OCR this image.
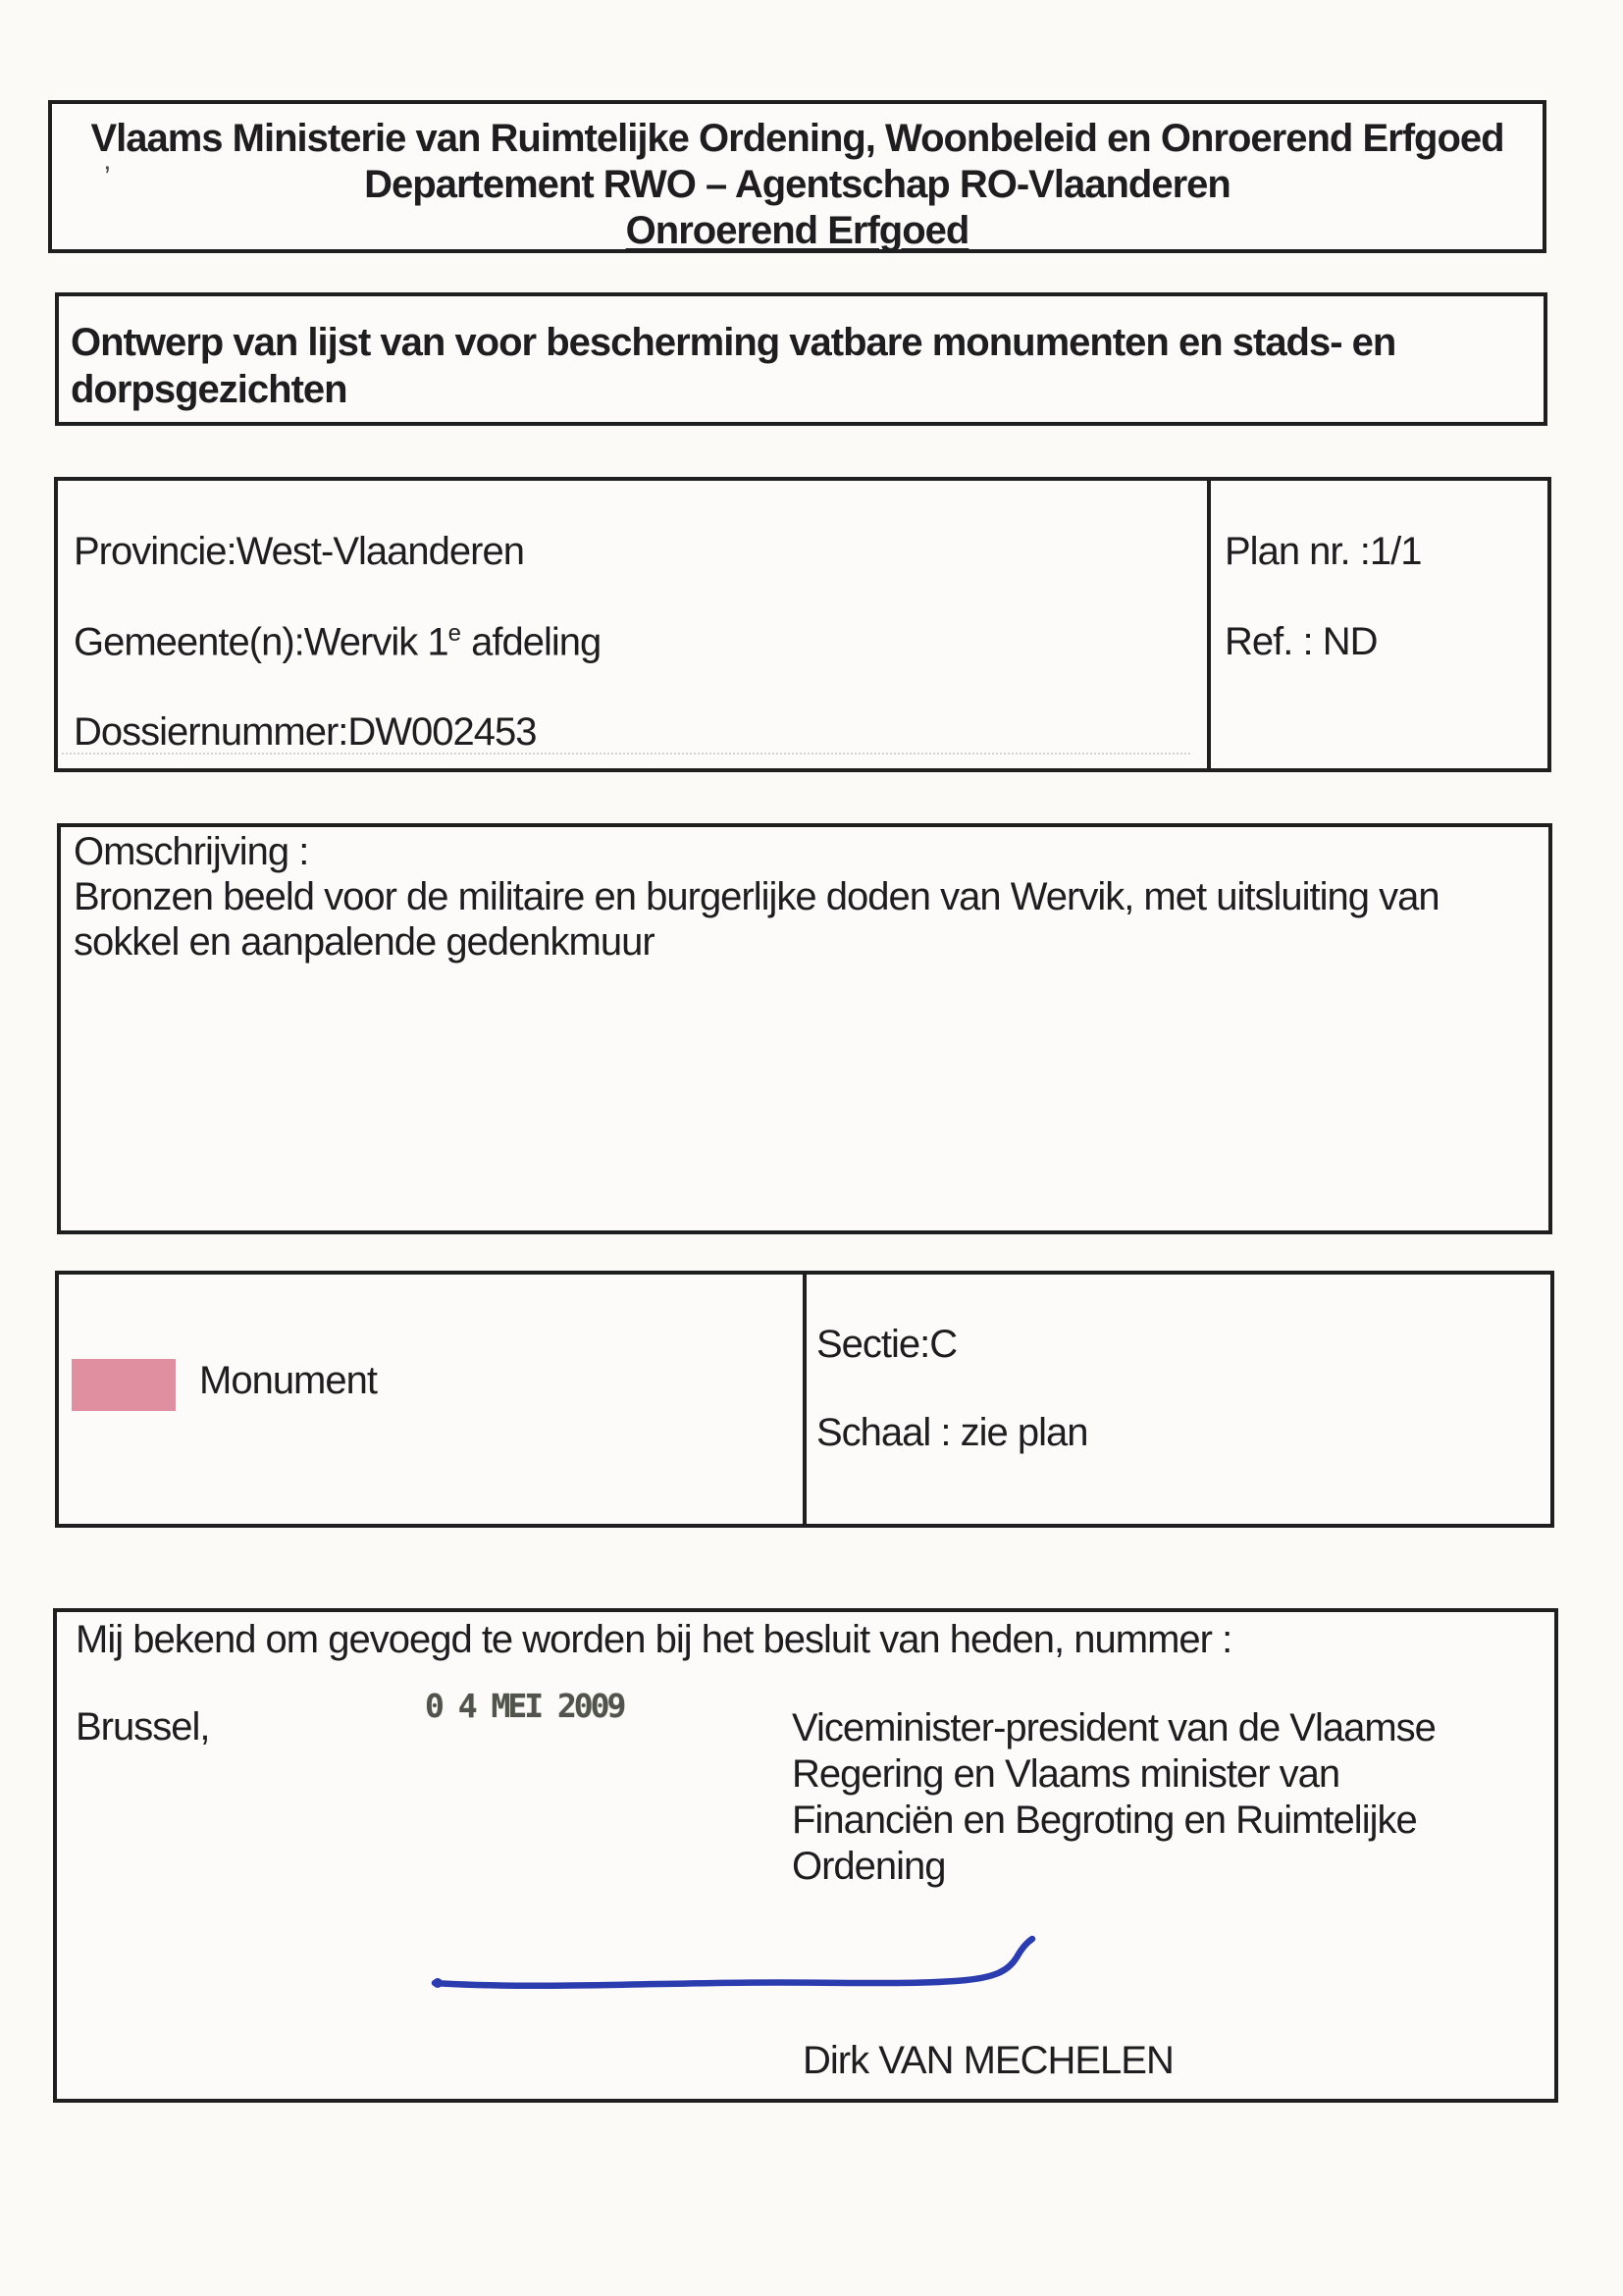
’
Vlaams Ministerie van Ruimtelijke Ordening, Woonbeleid en Onroerend Erfgoed
Departement RWO – Agentschap RO-Vlaanderen
Onroerend Erfgoed
Ontwerp van lijst van voor bescherming vatbare monumenten en stads- en dorpsgezichten
Provincie:West-Vlaanderen
Gemeente(n):Wervik 1e afdeling
Dossiernummer:DW002453
Plan nr. :1/1
Ref. : ND
Omschrijving :
Bronzen beeld voor de militaire en burgerlijke doden van Wervik, met uitsluiting van sokkel en aanpalende gedenkmuur
Monument
Sectie:C
Schaal : zie plan
Mij bekend om gevoegd te worden bij het besluit van heden, nummer :
Brussel,	0 4 MEI 2009
Viceminister-president van de Vlaamse
Regering en Vlaams minister van
Financiën en Begroting en Ruimtelijke
Ordening
Dirk VAN MECHELEN
